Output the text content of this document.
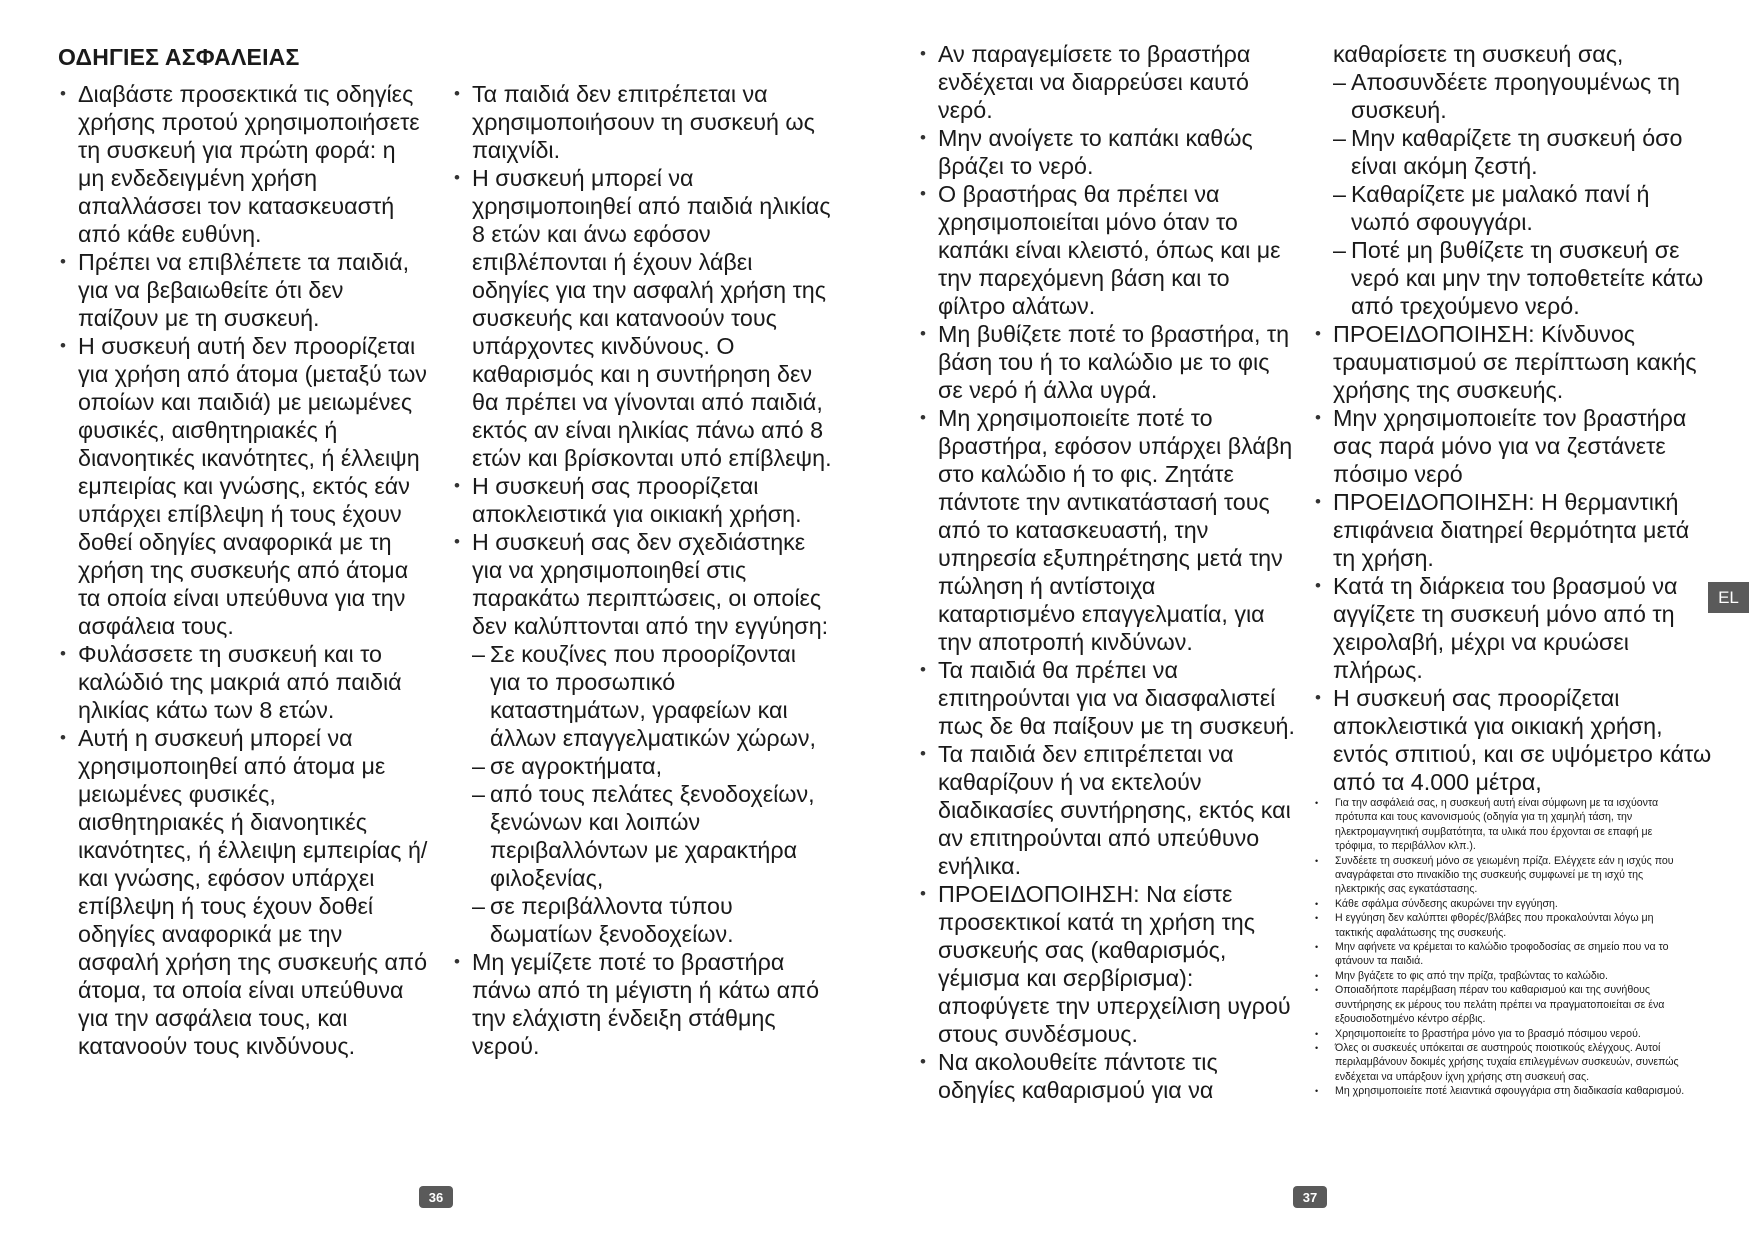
ΟΔΗΓΙΕΣ ΑΣΦΑΛΕΙΑΣ
• Διαβάστε προσεκτικά τις οδηγίες χρήσης προτού χρησιμοποιήσετε τη συσκευή για πρώτη φορά: η μη ενδεδειγμένη χρήση απαλλάσσει τον κατασκευαστή από κάθε ευθύνη.
• Πρέπει να επιβλέπετε τα παιδιά, για να βεβαιωθείτε ότι δεν παίζουν με τη συσκευή.
• Η συσκευή αυτή δεν προορίζεται για χρήση από άτομα (μεταξύ των οποίων και παιδιά) με μειωμένες φυσικές, αισθητηριακές ή διανοητικές ικανότητες, ή έλλειψη εμπειρίας και γνώσης, εκτός εάν υπάρχει επίβλεψη ή τους έχουν δοθεί οδηγίες αναφορικά με τη χρήση της συσκευής από άτομα τα οποία είναι υπεύθυνα για την ασφάλεια τους.
• Φυλάσσετε τη συσκευή και το καλώδιό της μακριά από παιδιά ηλικίας κάτω των 8 ετών.
• Αυτή η συσκευή μπορεί να χρησιμοποιηθεί από άτομα με μειωμένες φυσικές, αισθητηριακές ή διανοητικές ικανότητες, ή έλλειψη εμπειρίας ή/και γνώσης, εφόσον υπάρχει επίβλεψη ή τους έχουν δοθεί οδηγίες αναφορικά με την ασφαλή χρήση της συσκευής από άτομα, τα οποία είναι υπεύθυνα για την ασφάλεια τους, και κατανοούν τους κινδύνους.
• Τα παιδιά δεν επιτρέπεται να χρησιμοποιήσουν τη συσκευή ως παιχνίδι.
• Η συσκευή μπορεί να χρησιμοποιηθεί από παιδιά ηλικίας 8 ετών και άνω εφόσον επιβλέπονται ή έχουν λάβει οδηγίες για την ασφαλή χρήση της συσκευής και κατανοούν τους υπάρχοντες κινδύνους. Ο καθαρισμός και η συντήρηση δεν θα πρέπει να γίνονται από παιδιά, εκτός αν είναι ηλικίας πάνω από 8 ετών και βρίσκονται υπό επίβλεψη.
• Η συσκευή σας προορίζεται αποκλειστικά για οικιακή χρήση.
• Η συσκευή σας δεν σχεδιάστηκε για να χρησιμοποιηθεί στις παρακάτω περιπτώσεις, οι οποίες δεν καλύπτονται από την εγγύηση:
– Σε κουζίνες που προορίζονται για το προσωπικό καταστημάτων, γραφείων και άλλων επαγγελματικών χώρων,
– σε αγροκτήματα,
– από τους πελάτες ξενοδοχείων, ξενώνων και λοιπών περιβαλλόντων με χαρακτήρα φιλοξενίας,
– σε περιβάλλοντα τύπου δωματίων ξενοδοχείων.
• Μη γεμίζετε ποτέ το βραστήρα πάνω από τη μέγιστη ή κάτω από την ελάχιστη ένδειξη στάθμης νερού.
• Αν παραγεμίσετε το βραστήρα ενδέχεται να διαρρεύσει καυτό νερό.
• Μην ανοίγετε το καπάκι καθώς βράζει το νερό.
• Ο βραστήρας θα πρέπει να χρησιμοποιείται μόνο όταν το καπάκι είναι κλειστό, όπως και με την παρεχόμενη βάση και το φίλτρο αλάτων.
• Μη βυθίζετε ποτέ το βραστήρα, τη βάση του ή το καλώδιο με το φις σε νερό ή άλλα υγρά.
• Μη χρησιμοποιείτε ποτέ το βραστήρα, εφόσον υπάρχει βλάβη στο καλώδιο ή το φις. Ζητάτε πάντοτε την αντικατάστασή τους από το κατασκευαστή, την υπηρεσία εξυπηρέτησης μετά την πώληση ή αντίστοιχα καταρτισμένο επαγγελματία, για την αποτροπή κινδύνων.
• Τα παιδιά θα πρέπει να επιτηρούνται για να διασφαλιστεί πως δε θα παίξουν με τη συσκευή.
• Τα παιδιά δεν επιτρέπεται να καθαρίζουν ή να εκτελούν διαδικασίες συντήρησης, εκτός και αν επιτηρούνται από υπεύθυνο ενήλικα.
• ΠΡΟΕΙΔΟΠΟΙΗΣΗ: Να είστε προσεκτικοί κατά τη χρήση της συσκευής σας (καθαρισμός, γέμισμα και σερβίρισμα): αποφύγετε την υπερχείλιση υγρού στους συνδέσμους.
• Να ακολουθείτε πάντοτε τις οδηγίες καθαρισμού για να
καθαρίσετε τη συσκευή σας,
– Αποσυνδέετε προηγουμένως τη συσκευή.
– Μην καθαρίζετε τη συσκευή όσο είναι ακόμη ζεστή.
– Καθαρίζετε με μαλακό πανί ή νωπό σφουγγάρι.
– Ποτέ μη βυθίζετε τη συσκευή σε νερό και μην την τοποθετείτε κάτω από τρεχούμενο νερό.
• ΠΡΟΕΙΔΟΠΟΙΗΣΗ: Κίνδυνος τραυματισμού σε περίπτωση κακής χρήσης της συσκευής.
• Μην χρησιμοποιείτε τον βραστήρα σας παρά μόνο για να ζεστάνετε πόσιμο νερό
• ΠΡΟΕΙΔΟΠΟΙΗΣΗ: Η θερμαντική επιφάνεια διατηρεί θερμότητα μετά τη χρήση.
• Κατά τη διάρκεια του βρασμού να αγγίζετε τη συσκευή μόνο από τη χειρολαβή, μέχρι να κρυώσει πλήρως.
• Η συσκευή σας προορίζεται αποκλειστικά για οικιακή χρήση, εντός σπιτιού, και σε υψόμετρο κάτω από τα 4.000 μέτρα,
• Για την ασφάλειά σας, η συσκευή αυτή είναι σύμφωνη με τα ισχύοντα πρότυπα και τους κανονισμούς (οδηγία για τη χαμηλή τάση, την ηλεκτρομαγνητική συμβατότητα, τα υλικά που έρχονται σε επαφή με τρόφιμα, το περιβάλλον κλπ.).
• Συνδέετε τη συσκευή μόνο σε γειωμένη πρίζα. Ελέγχετε εάν η ισχύς που αναγράφεται στο πινακίδιο της συσκευής συμφωνεί με τη ισχύ της ηλεκτρικής σας εγκατάστασης.
• Κάθε σφάλμα σύνδεσης ακυρώνει την εγγύηση.
• Η εγγύηση δεν καλύπτει φθορές/βλάβες που προκαλούνται λόγω μη τακτικής αφαλάτωσης της συσκευής.
• Μην αφήνετε να κρέμεται το καλώδιο τροφοδοσίας σε σημείο που να το φτάνουν τα παιδιά.
• Μην βγάζετε το φις από την πρίζα, τραβώντας το καλώδιο.
• Οποιαδήποτε παρέμβαση πέραν του καθαρισμού και της συνήθους συντήρησης εκ μέρους του πελάτη πρέπει να πραγματοποιείται σε ένα εξουσιοδοτημένο κέντρο σέρβις.
• Χρησιμοποιείτε το βραστήρα μόνο για το βρασμό πόσιμου νερού.
• Όλες οι συσκευές υπόκειται σε αυστηρούς ποιοτικούς ελέγχους. Αυτοί περιλαμβάνουν δοκιμές χρήσης τυχαία επιλεγμένων συσκευών, συνεπώς ενδέχεται να υπάρξουν ίχνη χρήσης στη συσκευή σας.
• Μη χρησιμοποιείτε ποτέ λειαντικά σφουγγάρια στη διαδικασία καθαρισμού.
36	37
EL
